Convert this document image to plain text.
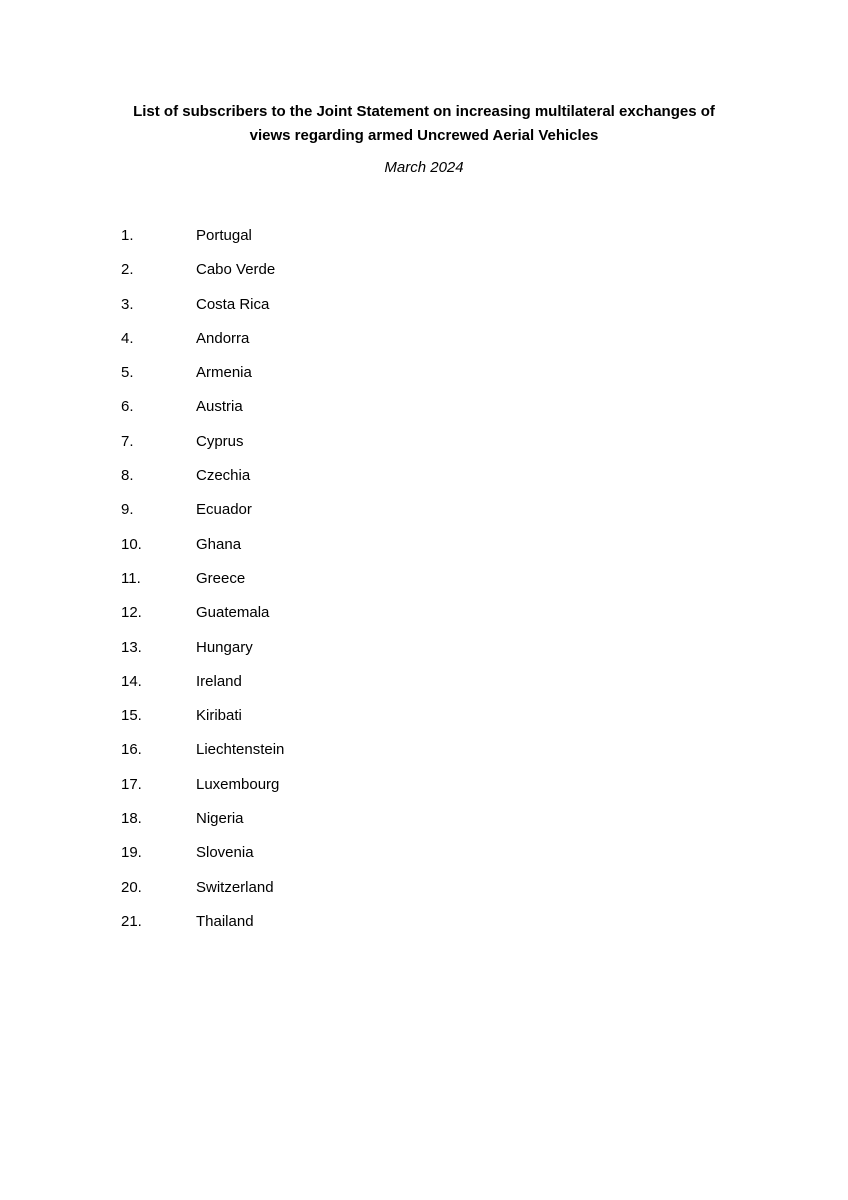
List of subscribers to the Joint Statement on increasing multilateral exchanges of
views regarding armed Uncrewed Aerial Vehicles
March 2024
1.	Portugal
2.	Cabo Verde
3.	Costa Rica
4.	Andorra
5.	Armenia
6.	Austria
7.	Cyprus
8.	Czechia
9.	Ecuador
10.	Ghana
11.	Greece
12.	Guatemala
13.	Hungary
14.	Ireland
15.	Kiribati
16.	Liechtenstein
17.	Luxembourg
18.	Nigeria
19.	Slovenia
20.	Switzerland
21.	Thailand
